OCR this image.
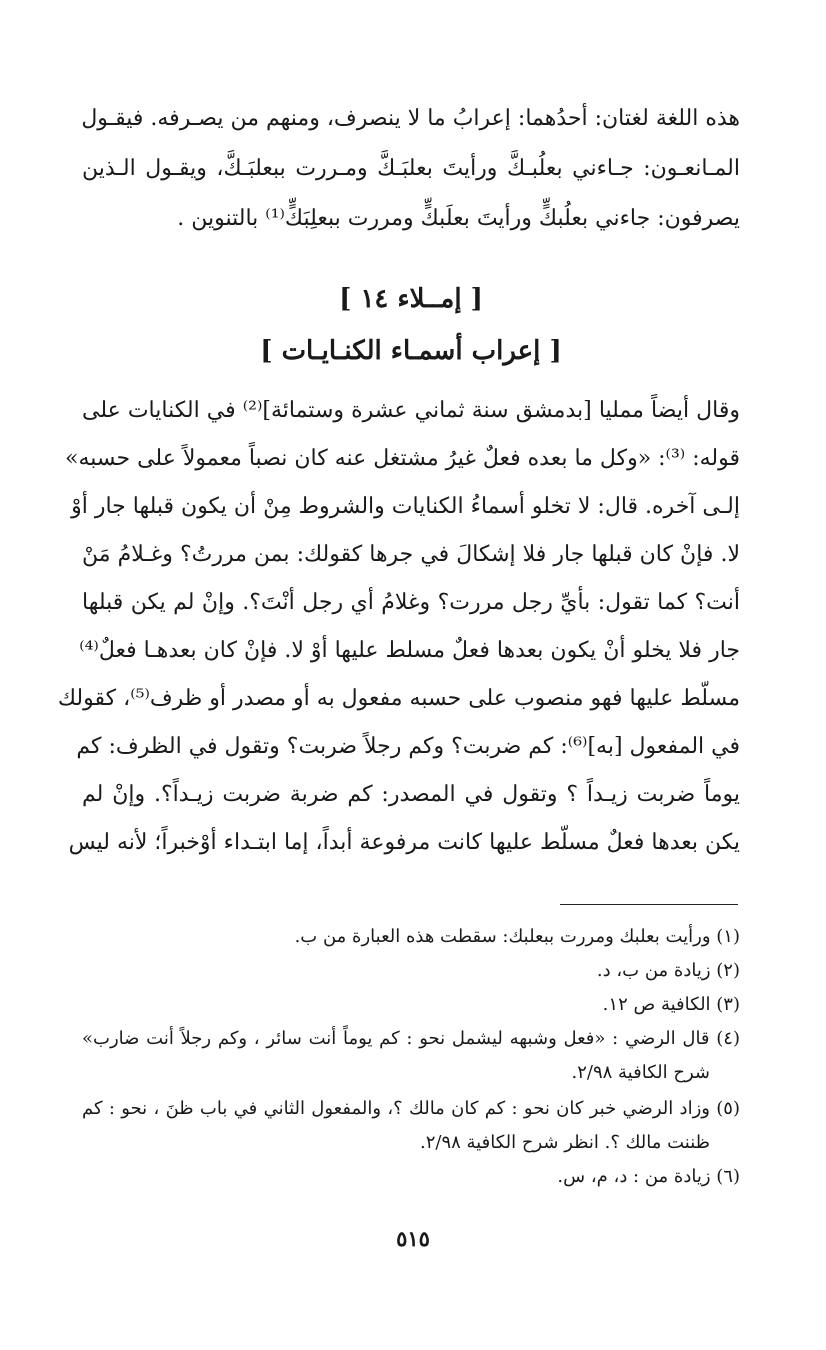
هذه اللغة لغتان: أحدُهما: إعرابُ ما لا ينصرف، ومنهم من يصـرفه. فيقـول
المـانعـون: جـاءني بعلُبـكَّ ورأيتَ بعلبَـكَّ ومـررت ببعلبَـكَّ، ويقـول الـذين
يصرفون: جاءني بعلُبكٍّ ورأيتَ بعلَبكٍّ ومررت ببعلِبَكٍّ⁽¹⁾ بالتنوين .
[ إمــلاء ١٤ ]
[ إعراب أسمـاء الكنـايـات ]
وقال أيضاً ممليا [بدمشق سنة ثماني عشرة وستمائة]⁽²⁾ في الكنايات على
قوله: ⁽³⁾: «وكل ما بعده فعلٌ غيرُ مشتغل عنه كان نصباً معمولاً على حسبه»
إلـى آخره. قال: لا تخلو أسماءُ الكنايات والشروط مِنْ أن يكون قبلها جار أوْ
لا. فإنْ كان قبلها جار فلا إشكالَ في جرها كقولك: بمن مررتُ؟ وغـلامُ مَنْ
أنت؟ كما تقول: بأيِّ رجل مررت؟ وغلامُ أي رجل أنْتَ؟. وإنْ لم يكن قبلها
جار فلا يخلو أنْ يكون بعدها فعلٌ مسلط عليها أوْ لا. فإنْ كان بعدهـا فعلٌ⁽⁴⁾
مسلّط عليها فهو منصوب على حسبه مفعول به أو مصدر أو ظرف⁽⁵⁾، كقولك
في المفعول [به]⁽⁶⁾: كم ضربت؟ وكم رجلاً ضربت؟ وتقول في الظرف: كم
يوماً ضربت زيـداً ؟ وتقول في المصدر: كم ضربة ضربت زيـداً؟. وإنْ لم
يكن بعدها فعلٌ مسلّط عليها كانت مرفوعة أبداً، إما ابتـداء أوْخبراً؛ لأنه ليس
(١) ورأيت بعلبك ومررت ببعلبك: سقطت هذه العبارة من ب.
(٢) زيادة من ب، د.
(٣) الكافية ص ١٢.
(٤) قال الرضي : «فعل وشبهه ليشمل نحو : كم يوماً أنت سائر ، وكم رجلاً أنت ضارب»
شرح الكافية ٢/٩٨.
(٥) وزاد الرضي خبر كان نحو : كم كان مالك ؟، والمفعول الثاني في باب ظنَ ، نحو : كم
ظننت مالك ؟. انظر شرح الكافية ٢/٩٨.
(٦) زيادة من : د، م، س.
٥١٥
